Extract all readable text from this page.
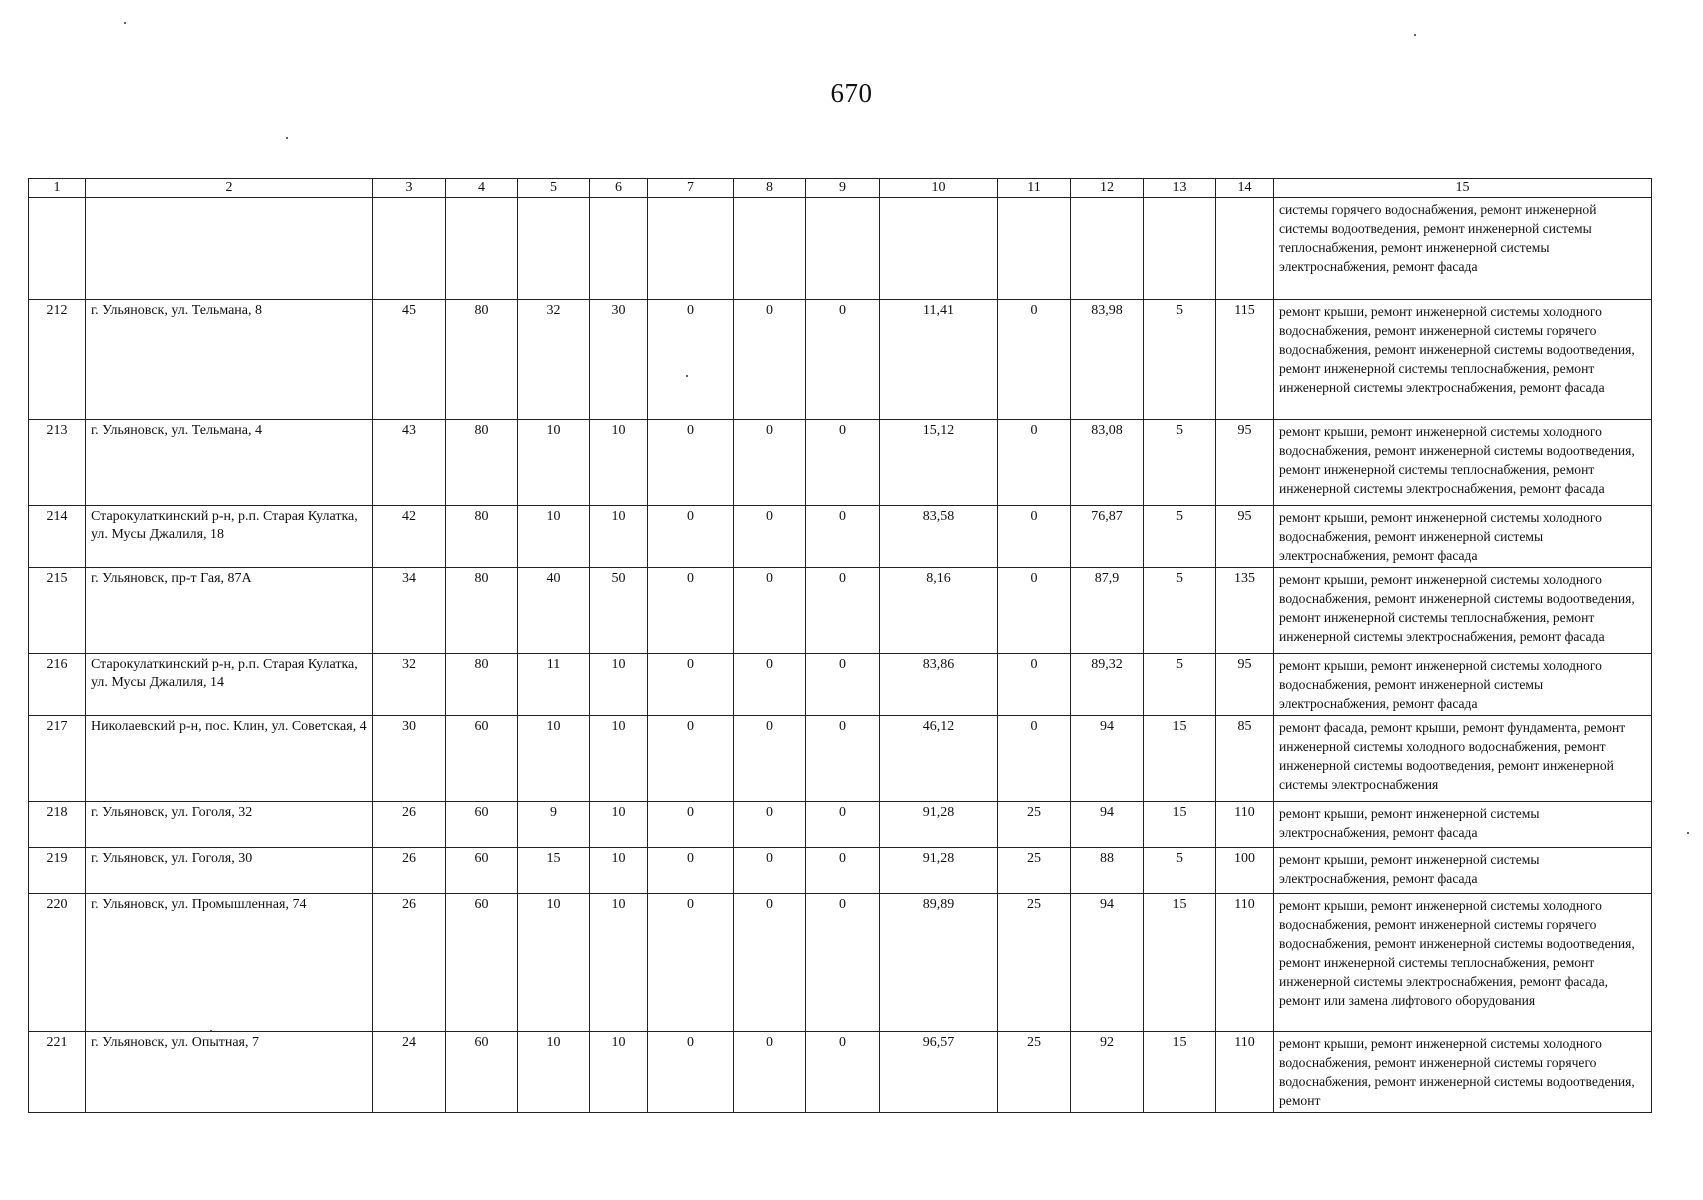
670
1	2	3	4	5	6	7	8	9	10	11	12	13	14	15
														системы горячего водоснабжения, ремонт инженерной системы водоотведения, ремонт инженерной системы теплоснабжения, ремонт инженерной системы электроснабжения, ремонт фасада
212	г. Ульяновск, ул. Тельмана, 8	45	80	32	30	0	0	0	11,41	0	83,98	5	115	ремонт крыши, ремонт инженерной системы холодного водоснабжения, ремонт инженерной системы горячего водоснабжения, ремонт инженерной системы водоотведения, ремонт инженерной системы теплоснабжения, ремонт инженерной системы электроснабжения, ремонт фасада
213	г. Ульяновск, ул. Тельмана, 4	43	80	10	10	0	0	0	15,12	0	83,08	5	95	ремонт крыши, ремонт инженерной системы холодного водоснабжения, ремонт инженерной системы водоотведения, ремонт инженерной системы теплоснабжения, ремонт инженерной системы электроснабжения, ремонт фасада
214	Старокулаткинский р-н, р.п. Старая Кулатка, ул. Мусы Джалиля, 18	42	80	10	10	0	0	0	83,58	0	76,87	5	95	ремонт крыши, ремонт инженерной системы холодного водоснабжения, ремонт инженерной системы электроснабжения, ремонт фасада
215	г. Ульяновск, пр-т Гая, 87А	34	80	40	50	0	0	0	8,16	0	87,9	5	135	ремонт крыши, ремонт инженерной системы холодного водоснабжения, ремонт инженерной системы водоотведения, ремонт инженерной системы теплоснабжения, ремонт инженерной системы электроснабжения, ремонт фасада
216	Старокулаткинский р-н, р.п. Старая Кулатка, ул. Мусы Джалиля, 14	32	80	11	10	0	0	0	83,86	0	89,32	5	95	ремонт крыши, ремонт инженерной системы холодного водоснабжения, ремонт инженерной системы электроснабжения, ремонт фасада
217	Николаевский р-н, пос. Клин, ул. Советская, 4	30	60	10	10	0	0	0	46,12	0	94	15	85	ремонт фасада, ремонт крыши, ремонт фундамента, ремонт инженерной системы холодного водоснабжения, ремонт инженерной системы водоотведения, ремонт инженерной системы электроснабжения
218	г. Ульяновск, ул. Гоголя, 32	26	60	9	10	0	0	0	91,28	25	94	15	110	ремонт крыши, ремонт инженерной системы электроснабжения, ремонт фасада
219	г. Ульяновск, ул. Гоголя, 30	26	60	15	10	0	0	0	91,28	25	88	5	100	ремонт крыши, ремонт инженерной системы электроснабжения, ремонт фасада
220	г. Ульяновск, ул. Промышленная, 74	26	60	10	10	0	0	0	89,89	25	94	15	110	ремонт крыши, ремонт инженерной системы холодного водоснабжения, ремонт инженерной системы горячего водоснабжения, ремонт инженерной системы водоотведения, ремонт инженерной системы теплоснабжения, ремонт инженерной системы электроснабжения, ремонт фасада, ремонт или замена лифтового оборудования
221	г. Ульяновск, ул. Опытная, 7	24	60	10	10	0	0	0	96,57	25	92	15	110	ремонт крыши, ремонт инженерной системы холодного водоснабжения, ремонт инженерной системы горячего водоснабжения, ремонт инженерной системы водоотведения, ремонт
